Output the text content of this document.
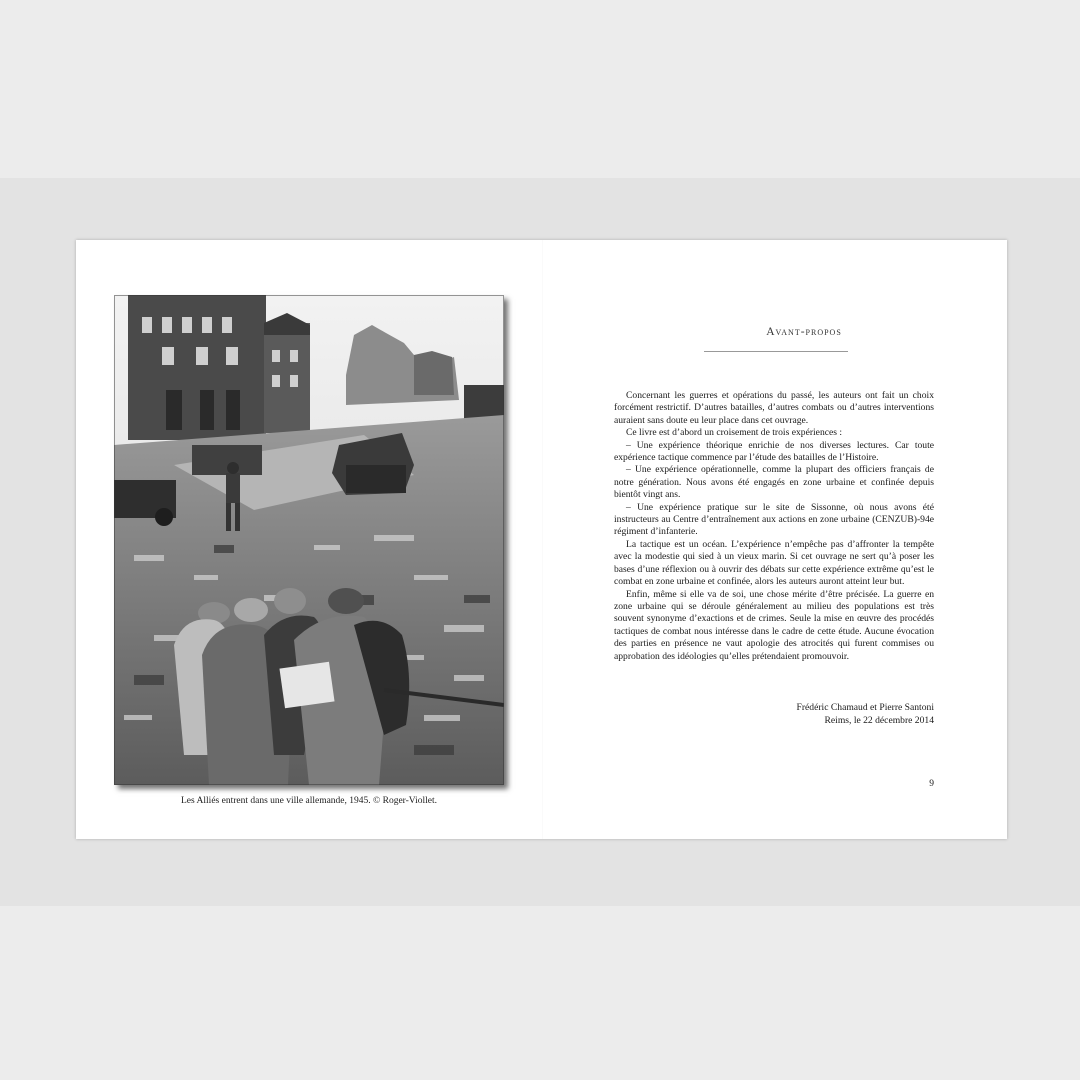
Les Alliés entrent dans une ville allemande, 1945. © Roger-Viollet.
Avant-propos

Concernant les guerres et opérations du passé, les auteurs ont fait un choix forcément restrictif. D’autres batailles, d’autres combats ou d’autres interventions auraient sans doute eu leur place dans cet ouvrage.

Ce livre est d’abord un croisement de trois expériences :

– Une expérience théorique enrichie de nos diverses lectures. Car toute expérience tactique commence par l’étude des batailles de l’Histoire.

– Une expérience opérationnelle, comme la plupart des officiers français de notre génération. Nous avons été engagés en zone urbaine et confinée depuis bientôt vingt ans.

– Une expérience pratique sur le site de Sissonne, où nous avons été instructeurs au Centre d’entraînement aux actions en zone urbaine (CENZUB)-94e régiment d’infanterie.

La tactique est un océan. L’expérience n’empêche pas d’affronter la tempête avec la modestie qui sied à un vieux marin. Si cet ouvrage ne sert qu’à poser les bases d’une réflexion ou à ouvrir des débats sur cette expérience extrême qu’est le combat en zone urbaine et confinée, alors les auteurs auront atteint leur but.

Enfin, même si elle va de soi, une chose mérite d’être précisée. La guerre en zone urbaine qui se déroule généralement au milieu des populations est très souvent synonyme d’exactions et de crimes. Seule la mise en œuvre des procédés tactiques de combat nous intéresse dans le cadre de cette étude. Aucune évocation des parties en présence ne vaut apologie des atrocités qui furent commises ou approbation des idéologies qu’elles prétendaient promouvoir.

Frédéric Chamaud et Pierre Santoni
Reims, le 22 décembre 2014
9
